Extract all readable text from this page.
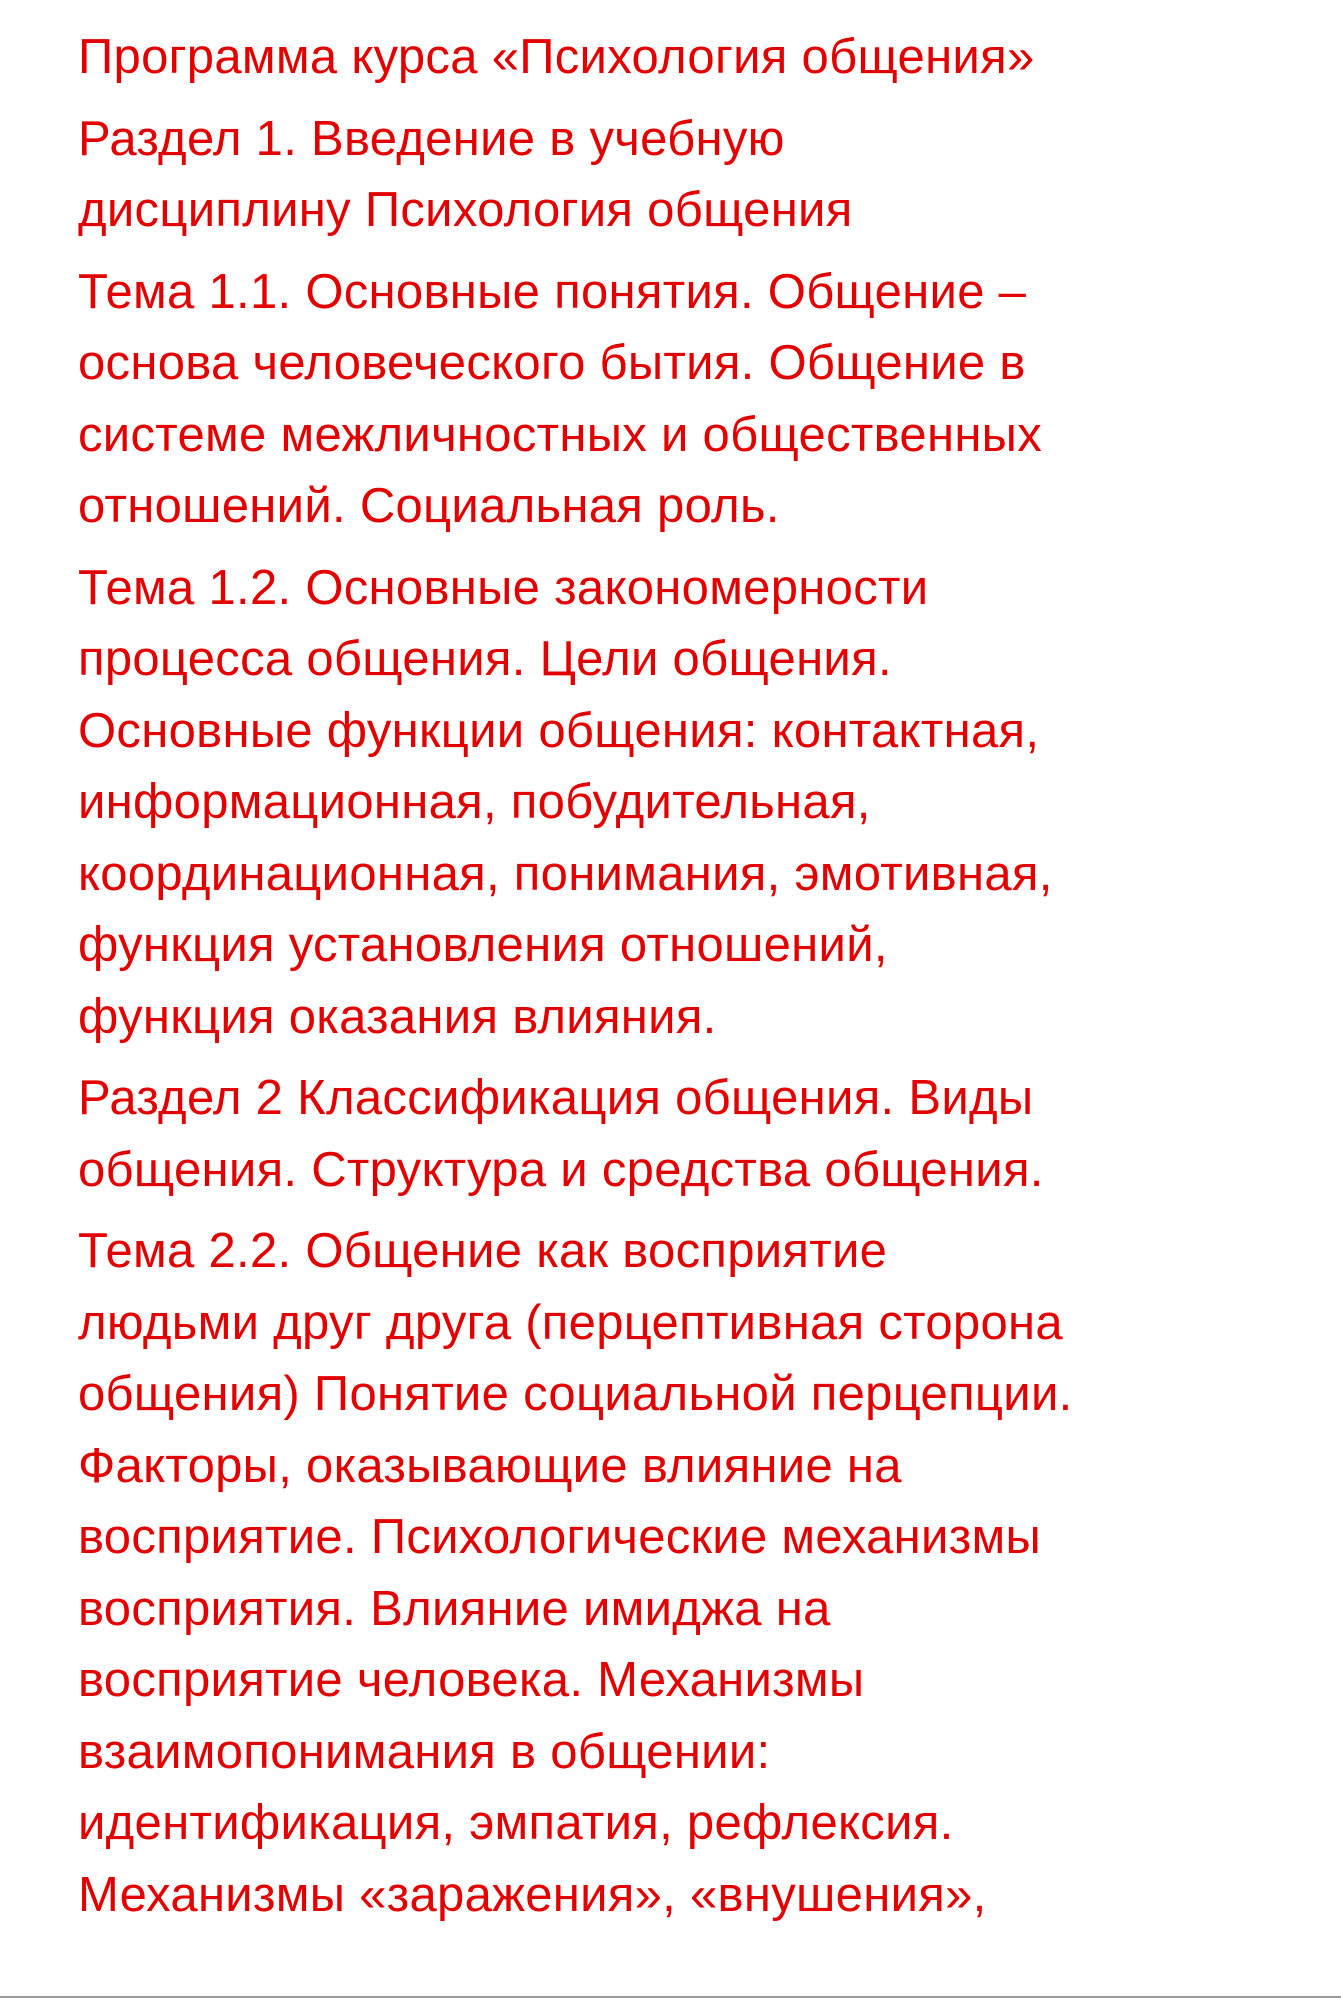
Программа курса «Психология общения»

Раздел 1. Введение в учебную
дисциплину Психология общения

Тема 1.1. Основные понятия. Общение –
основа человеческого бытия. Общение в
системе межличностных и общественных
отношений. Социальная роль.

Тема 1.2. Основные закономерности
процесса общения. Цели общения.
Основные функции общения: контактная,
информационная, побудительная,
координационная, понимания, эмотивная,
функция установления отношений,
функция оказания влияния.

Раздел 2 Классификация общения. Виды
общения. Структура и средства общения.

Тема 2.2. Общение как восприятие
людьми друг друга (перцептивная сторона
общения) Понятие социальной перцепции.
Факторы, оказывающие влияние на
восприятие. Психологические механизмы
восприятия. Влияние имиджа на
восприятие человека. Механизмы
взаимопонимания в общении:
идентификация, эмпатия, рефлексия.
Механизмы «заражения», «внушения»,
